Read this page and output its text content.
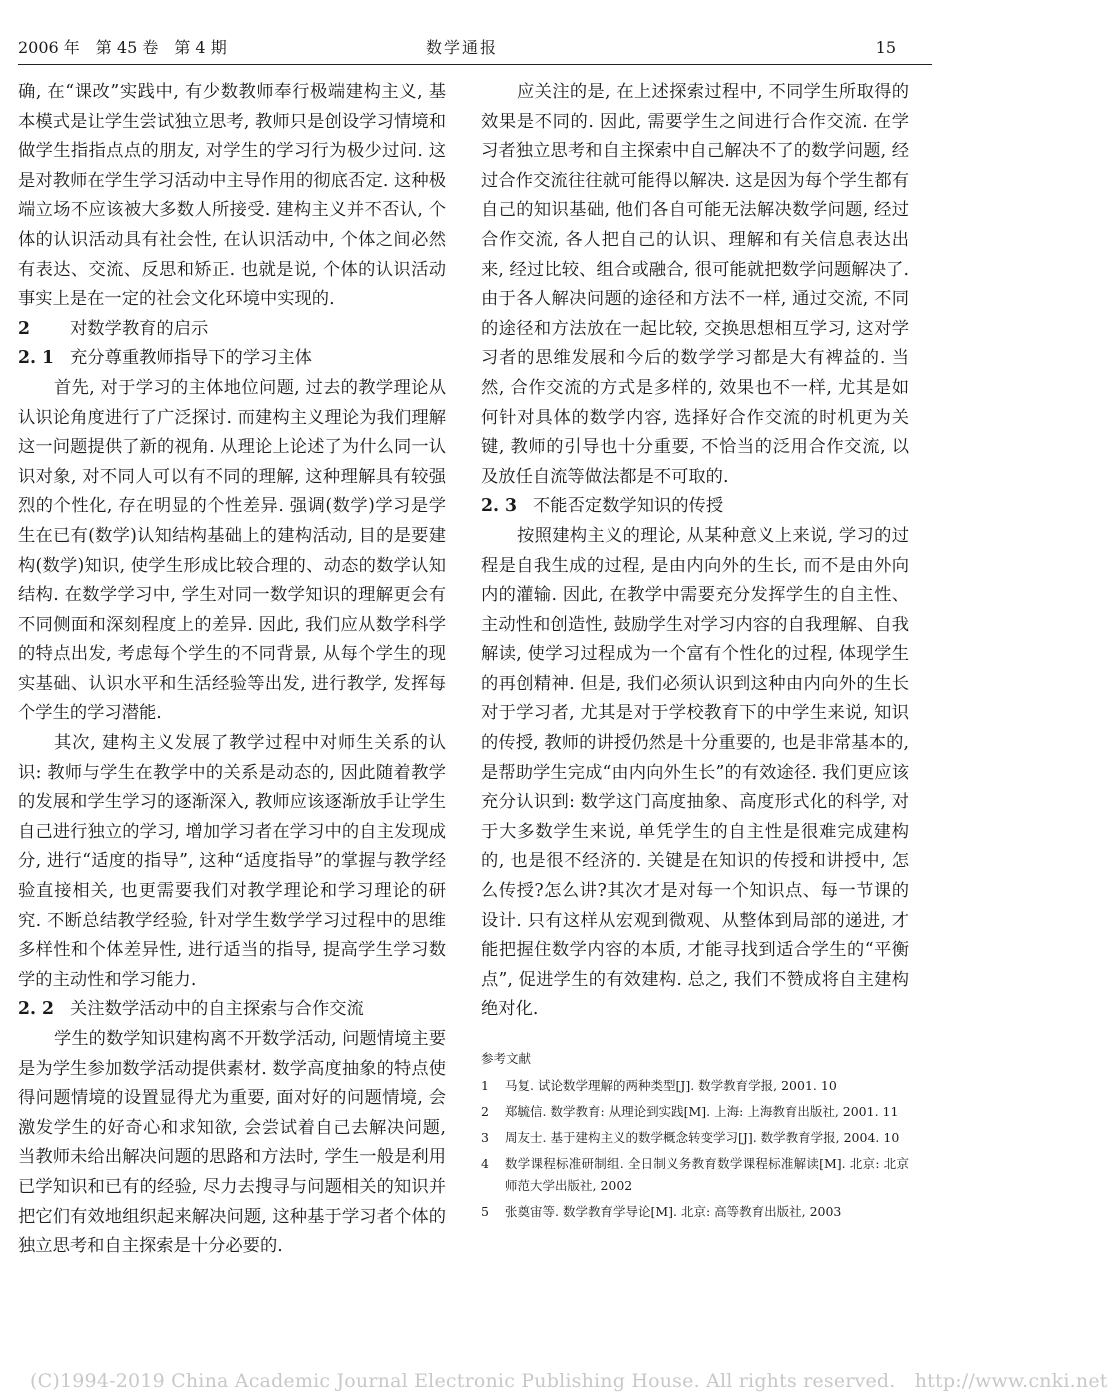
2006 年　第 45 卷　第 4 期	数学通报	15

确, 在“课改”实践中, 有少数教师奉行极端建构主义, 基本模式是让学生尝试独立思考, 教师只是创设学习情境和做学生指指点点的朋友, 对学生的学习行为极少过问. 这是对教师在学生学习活动中主导作用的彻底否定. 这种极端立场不应该被大多数人所接受. 建构主义并不否认, 个体的认识活动具有社会性, 在认识活动中, 个体之间必然有表达、交流、反思和矫正. 也就是说, 个体的认识活动事实上是在一定的社会文化环境中实现的.

2 对数学教育的启示

2. 1 充分尊重教师指导下的学习主体

首先, 对于学习的主体地位问题, 过去的教学理论从认识论角度进行了广泛探讨. 而建构主义理论为我们理解这一问题提供了新的视角. 从理论上论述了为什么同一认识对象, 对不同人可以有不同的理解, 这种理解具有较强烈的个性化, 存在明显的个性差异. 强调(数学)学习是学生在已有(数学)认知结构基础上的建构活动, 目的是要建构(数学)知识, 使学生形成比较合理的、动态的数学认知结构. 在数学学习中, 学生对同一数学知识的理解更会有不同侧面和深刻程度上的差异. 因此, 我们应从数学科学的特点出发, 考虑每个学生的不同背景, 从每个学生的现实基础、认识水平和生活经验等出发, 进行教学, 发挥每个学生的学习潜能.

其次, 建构主义发展了教学过程中对师生关系的认识: 教师与学生在教学中的关系是动态的, 因此随着教学的发展和学生学习的逐渐深入, 教师应该逐渐放手让学生自己进行独立的学习, 增加学习者在学习中的自主发现成分, 进行“适度的指导”, 这种“适度指导”的掌握与教学经验直接相关, 也更需要我们对教学理论和学习理论的研究. 不断总结教学经验, 针对学生数学学习过程中的思维多样性和个体差异性, 进行适当的指导, 提高学生学习数学的主动性和学习能力.

2. 2 关注数学活动中的自主探索与合作交流

学生的数学知识建构离不开数学活动, 问题情境主要是为学生参加数学活动提供素材. 数学高度抽象的特点使得问题情境的设置显得尤为重要, 面对好的问题情境, 会激发学生的好奇心和求知欲, 会尝试着自己去解决问题, 当教师未给出解决问题的思路和方法时, 学生一般是利用已学知识和已有的经验, 尽力去搜寻与问题相关的知识并把它们有效地组织起来解决问题, 这种基于学习者个体的独立思考和自主探索是十分必要的.

应关注的是, 在上述探索过程中, 不同学生所取得的效果是不同的. 因此, 需要学生之间进行合作交流. 在学习者独立思考和自主探索中自己解决不了的数学问题, 经过合作交流往往就可能得以解决. 这是因为每个学生都有自己的知识基础, 他们各自可能无法解决数学问题, 经过合作交流, 各人把自己的认识、理解和有关信息表达出来, 经过比较、组合或融合, 很可能就把数学问题解决了. 由于各人解决问题的途径和方法不一样, 通过交流, 不同的途径和方法放在一起比较, 交换思想相互学习, 这对学习者的思维发展和今后的数学学习都是大有裨益的. 当然, 合作交流的方式是多样的, 效果也不一样, 尤其是如何针对具体的数学内容, 选择好合作交流的时机更为关键, 教师的引导也十分重要, 不恰当的泛用合作交流, 以及放任自流等做法都是不可取的.

2. 3 不能否定数学知识的传授

按照建构主义的理论, 从某种意义上来说, 学习的过程是自我生成的过程, 是由内向外的生长, 而不是由外向内的灌输. 因此, 在教学中需要充分发挥学生的自主性、主动性和创造性, 鼓励学生对学习内容的自我理解、自我解读, 使学习过程成为一个富有个性化的过程, 体现学生的再创精神. 但是, 我们必须认识到这种由内向外的生长对于学习者, 尤其是对于学校教育下的中学生来说, 知识的传授, 教师的讲授仍然是十分重要的, 也是非常基本的, 是帮助学生完成“由内向外生长”的有效途径. 我们更应该充分认识到: 数学这门高度抽象、高度形式化的科学, 对于大多数学生来说, 单凭学生的自主性是很难完成建构的, 也是很不经济的. 关键是在知识的传授和讲授中, 怎么传授?怎么讲?其次才是对每一个知识点、每一节课的设计. 只有这样从宏观到微观、从整体到局部的递进, 才能把握住数学内容的本质, 才能寻找到适合学生的“平衡点”, 促进学生的有效建构. 总之, 我们不赞成将自主建构绝对化.

参考文献

1	马复. 试论数学理解的两种类型[J]. 数学教育学报, 2001. 10
2	郑毓信. 数学教育: 从理论到实践[M]. 上海: 上海教育出版社, 2001. 11
3	周友士. 基于建构主义的数学概念转变学习[J]. 数学教育学报, 2004. 10
4	数学课程标准研制组. 全日制义务教育数学课程标准解读[M]. 北京: 北京师范大学出版社, 2002
5	张奠宙等. 数学教育学导论[M]. 北京: 高等教育出版社, 2003
(C)1994-2019 China Academic Journal Electronic Publishing House. All rights reserved.　http://www.cnki.net
